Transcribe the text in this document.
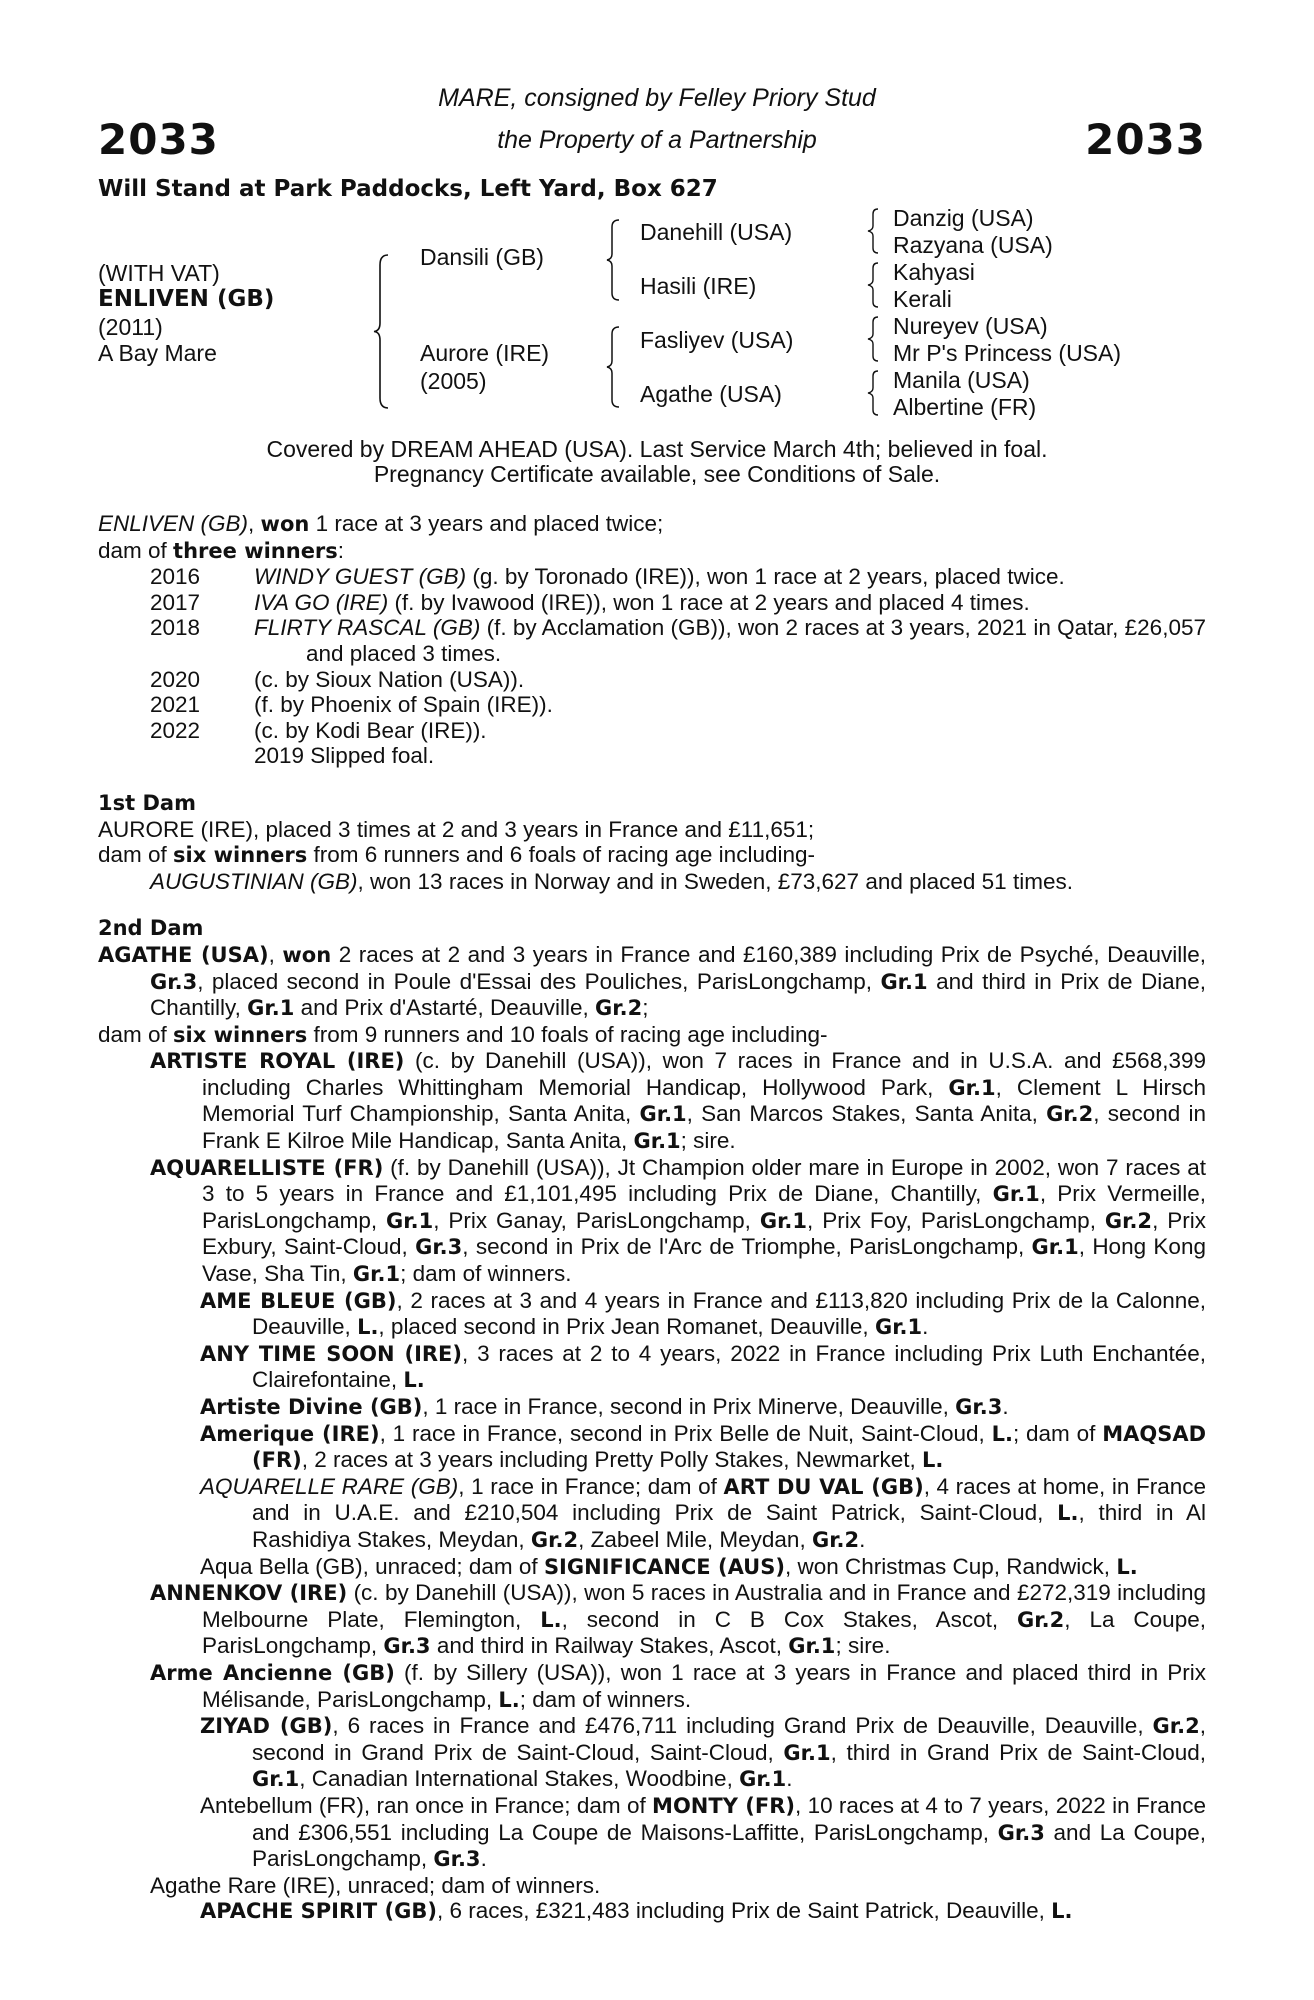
2033	2033
MARE, consigned by Felley Priory Stud
the Property of a Partnership
Will Stand at Park Paddocks, Left Yard, Box 627
(WITH VAT)
ENLIVEN (GB)
(2011)
A Bay Mare
Dansili (GB)
Aurore (IRE)
(2005)
Danehill (USA)
Hasili (IRE)
Fasliyev (USA)
Agathe (USA)
Danzig (USA)
Razyana (USA)
Kahyasi
Kerali
Nureyev (USA)
Mr P's Princess (USA)
Manila (USA)
Albertine (FR)
Covered by DREAM AHEAD (USA). Last Service March 4th; believed in foal.
Pregnancy Certificate available, see Conditions of Sale.

ENLIVEN (GB), won 1 race at 3 years and placed twice;

dam of three winners:

2016	WINDY GUEST (GB) (g. by Toronado (IRE)), won 1 race at 2 years, placed twice.
2017	IVA GO (IRE) (f. by Ivawood (IRE)), won 1 race at 2 years and placed 4 times.
2018	FLIRTY RASCAL (GB) (f. by Acclamation (GB)), won 2 races at 3 years, 2021 in Qatar, £26,057 and placed 3 times.
2020	(c. by Sioux Nation (USA)).
2021	(f. by Phoenix of Spain (IRE)).
2022	(c. by Kodi Bear (IRE)).

2019 Slipped foal.

1st Dam

AURORE (IRE), placed 3 times at 2 and 3 years in France and £11,651;

dam of six winners from 6 runners and 6 foals of racing age including-

AUGUSTINIAN (GB), won 13 races in Norway and in Sweden, £73,627 and placed 51 times.

2nd Dam

AGATHE (USA), won 2 races at 2 and 3 years in France and £160,389 including Prix de Psyché, Deauville, Gr.3, placed second in Poule d'Essai des Pouliches, ParisLongchamp, Gr.1 and third in Prix de Diane, Chantilly, Gr.1 and Prix d'Astarté, Deauville, Gr.2;

dam of six winners from 9 runners and 10 foals of racing age including-

ARTISTE ROYAL (IRE) (c. by Danehill (USA)), won 7 races in France and in U.S.A. and £568,399 including Charles Whittingham Memorial Handicap, Hollywood Park, Gr.1, Clement L Hirsch Memorial Turf Championship, Santa Anita, Gr.1, San Marcos Stakes, Santa Anita, Gr.2, second in Frank E Kilroe Mile Handicap, Santa Anita, Gr.1; sire.

AQUARELLISTE (FR) (f. by Danehill (USA)), Jt Champion older mare in Europe in 2002, won 7 races at 3 to 5 years in France and £1,101,495 including Prix de Diane, Chantilly, Gr.1, Prix Vermeille, ParisLongchamp, Gr.1, Prix Ganay, ParisLongchamp, Gr.1, Prix Foy, ParisLongchamp, Gr.2, Prix Exbury, Saint-Cloud, Gr.3, second in Prix de l'Arc de Triomphe, ParisLongchamp, Gr.1, Hong Kong Vase, Sha Tin, Gr.1; dam of winners.

AME BLEUE (GB), 2 races at 3 and 4 years in France and £113,820 including Prix de la Calonne, Deauville, L., placed second in Prix Jean Romanet, Deauville, Gr.1.

ANY TIME SOON (IRE), 3 races at 2 to 4 years, 2022 in France including Prix Luth Enchantée, Clairefontaine, L.

Artiste Divine (GB), 1 race in France, second in Prix Minerve, Deauville, Gr.3.

Amerique (IRE), 1 race in France, second in Prix Belle de Nuit, Saint-Cloud, L.; dam of MAQSAD (FR), 2 races at 3 years including Pretty Polly Stakes, Newmarket, L.

AQUARELLE RARE (GB), 1 race in France; dam of ART DU VAL (GB), 4 races at home, in France and in U.A.E. and £210,504 including Prix de Saint Patrick, Saint-Cloud, L., third in Al Rashidiya Stakes, Meydan, Gr.2, Zabeel Mile, Meydan, Gr.2.

Aqua Bella (GB), unraced; dam of SIGNIFICANCE (AUS), won Christmas Cup, Randwick, L.

ANNENKOV (IRE) (c. by Danehill (USA)), won 5 races in Australia and in France and £272,319 including Melbourne Plate, Flemington, L., second in C B Cox Stakes, Ascot, Gr.2, La Coupe, ParisLongchamp, Gr.3 and third in Railway Stakes, Ascot, Gr.1; sire.

Arme Ancienne (GB) (f. by Sillery (USA)), won 1 race at 3 years in France and placed third in Prix Mélisande, ParisLongchamp, L.; dam of winners.

ZIYAD (GB), 6 races in France and £476,711 including Grand Prix de Deauville, Deauville, Gr.2, second in Grand Prix de Saint-Cloud, Saint-Cloud, Gr.1, third in Grand Prix de Saint-Cloud, Gr.1, Canadian International Stakes, Woodbine, Gr.1.

Antebellum (FR), ran once in France; dam of MONTY (FR), 10 races at 4 to 7 years, 2022 in France and £306,551 including La Coupe de Maisons-Laffitte, ParisLongchamp, Gr.3 and La Coupe, ParisLongchamp, Gr.3.

Agathe Rare (IRE), unraced; dam of winners.

APACHE SPIRIT (GB), 6 races, £321,483 including Prix de Saint Patrick, Deauville, L.
